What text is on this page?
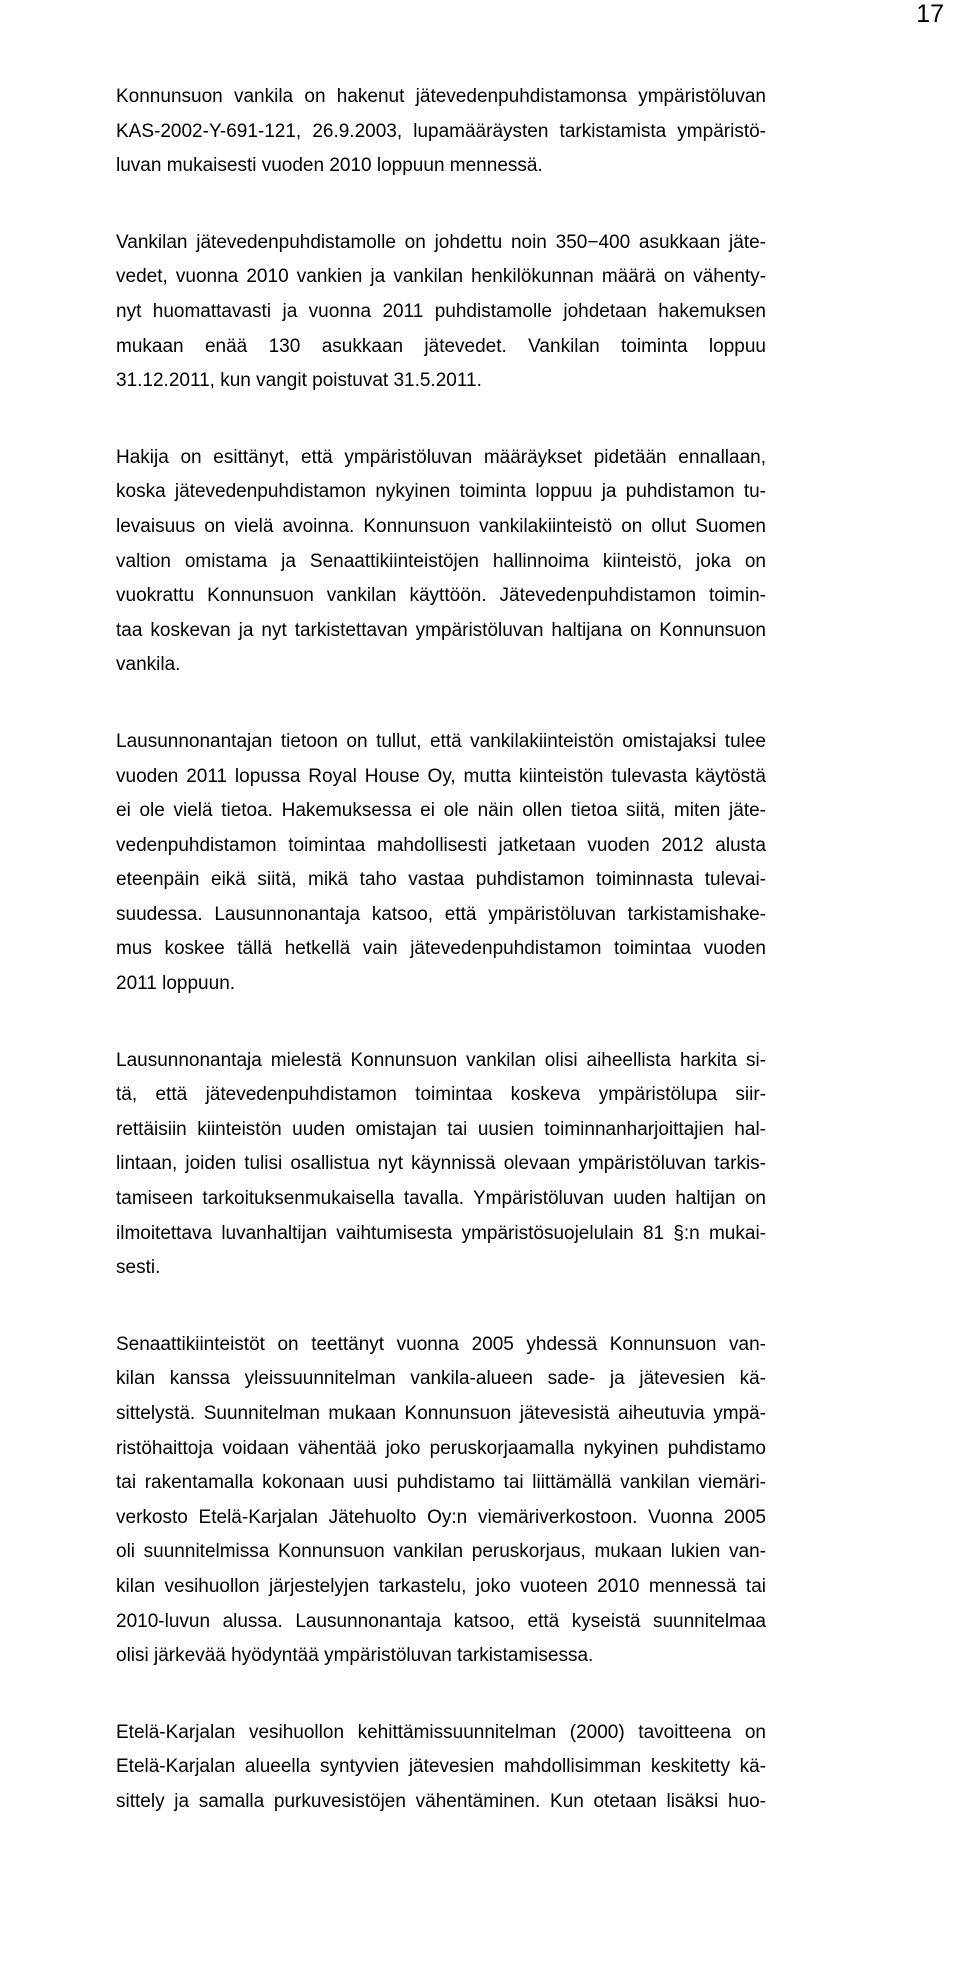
17
Konnunsuon vankila on hakenut jätevedenpuhdistamonsa ympäristöluvan
KAS-2002-Y-691-121, 26.9.2003, lupamääräysten tarkistamista ympäristö-
luvan mukaisesti vuoden 2010 loppuun mennessä.
Vankilan jätevedenpuhdistamolle on johdettu noin 350−400 asukkaan jäte-
vedet, vuonna 2010 vankien ja vankilan henkilökunnan määrä on vähenty-
nyt huomattavasti ja vuonna 2011 puhdistamolle johdetaan hakemuksen
mukaan enää 130 asukkaan jätevedet. Vankilan toiminta loppuu
31.12.2011, kun vangit poistuvat 31.5.2011.
Hakija on esittänyt, että ympäristöluvan määräykset pidetään ennallaan,
koska jätevedenpuhdistamon nykyinen toiminta loppuu ja puhdistamon tu-
levaisuus on vielä avoinna. Konnunsuon vankilakiinteistö on ollut Suomen
valtion omistama ja Senaattikiinteistöjen hallinnoima kiinteistö, joka on
vuokrattu Konnunsuon vankilan käyttöön. Jätevedenpuhdistamon toimin-
taa koskevan ja nyt tarkistettavan ympäristöluvan haltijana on Konnunsuon
vankila.
Lausunnonantajan tietoon on tullut, että vankilakiinteistön omistajaksi tulee
vuoden 2011 lopussa Royal House Oy, mutta kiinteistön tulevasta käytöstä
ei ole vielä tietoa. Hakemuksessa ei ole näin ollen tietoa siitä, miten jäte-
vedenpuhdistamon toimintaa mahdollisesti jatketaan vuoden 2012 alusta
eteenpäin eikä siitä, mikä taho vastaa puhdistamon toiminnasta tulevai-
suudessa. Lausunnonantaja katsoo, että ympäristöluvan tarkistamishake-
mus koskee tällä hetkellä vain jätevedenpuhdistamon toimintaa vuoden
2011 loppuun.
Lausunnonantaja mielestä Konnunsuon vankilan olisi aiheellista harkita si-
tä, että jätevedenpuhdistamon toimintaa koskeva ympäristölupa siir-
rettäisiin kiinteistön uuden omistajan tai uusien toiminnanharjoittajien hal-
lintaan, joiden tulisi osallistua nyt käynnissä olevaan ympäristöluvan tarkis-
tamiseen tarkoituksenmukaisella tavalla. Ympäristöluvan uuden haltijan on
ilmoitettava luvanhaltijan vaihtumisesta ympäristösuojelulain 81 §:n mukai-
sesti.
Senaattikiinteistöt on teettänyt vuonna 2005 yhdessä Konnunsuon van-
kilan kanssa yleissuunnitelman vankila-alueen sade- ja jätevesien kä-
sittelystä. Suunnitelman mukaan Konnunsuon jätevesistä aiheutuvia ympä-
ristöhaittoja voidaan vähentää joko peruskorjaamalla nykyinen puhdistamo
tai rakentamalla kokonaan uusi puhdistamo tai liittämällä vankilan viemäri-
verkosto Etelä-Karjalan Jätehuolto Oy:n viemäriverkostoon. Vuonna 2005
oli suunnitelmissa Konnunsuon vankilan peruskorjaus, mukaan lukien van-
kilan vesihuollon järjestelyjen tarkastelu, joko vuoteen 2010 mennessä tai
2010-luvun alussa. Lausunnonantaja katsoo, että kyseistä suunnitelmaa
olisi järkevää hyödyntää ympäristöluvan tarkistamisessa.
Etelä-Karjalan vesihuollon kehittämissuunnitelman (2000) tavoitteena on
Etelä-Karjalan alueella syntyvien jätevesien mahdollisimman keskitetty kä-
sittely ja samalla purkuvesistöjen vähentäminen. Kun otetaan lisäksi huo-
